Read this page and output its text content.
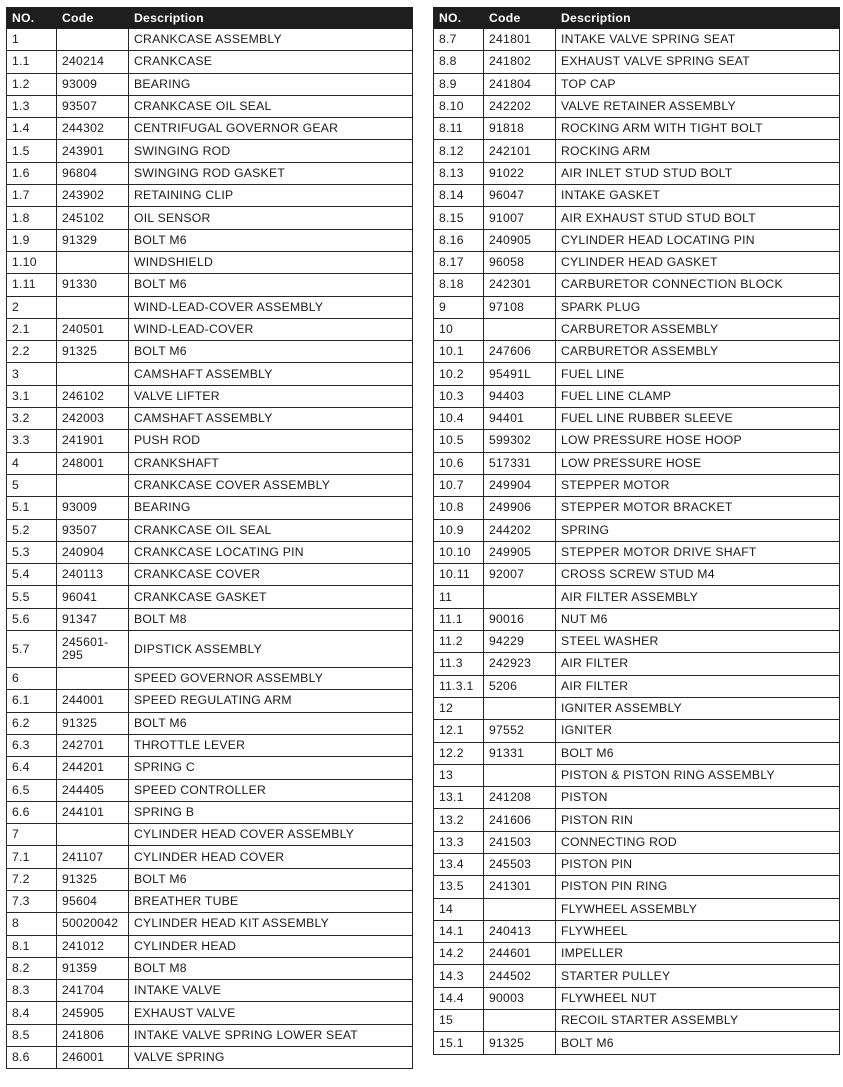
NO.	Code	Description
1		CRANKCASE ASSEMBLY
1.1	240214	CRANKCASE
1.2	93009	BEARING
1.3	93507	CRANKCASE OIL SEAL
1.4	244302	CENTRIFUGAL GOVERNOR GEAR
1.5	243901	SWINGING ROD
1.6	96804	SWINGING ROD GASKET
1.7	243902	RETAINING CLIP
1.8	245102	OIL SENSOR
1.9	91329	BOLT M6
1.10		WINDSHIELD
1.11	91330	BOLT M6
2		WIND-LEAD-COVER ASSEMBLY
2.1	240501	WIND-LEAD-COVER
2.2	91325	BOLT M6
3		CAMSHAFT ASSEMBLY
3.1	246102	VALVE LIFTER
3.2	242003	CAMSHAFT ASSEMBLY
3.3	241901	PUSH ROD
4	248001	CRANKSHAFT
5		CRANKCASE COVER ASSEMBLY
5.1	93009	BEARING
5.2	93507	CRANKCASE OIL SEAL
5.3	240904	CRANKCASE LOCATING PIN
5.4	240113	CRANKCASE COVER
5.5	96041	CRANKCASE GASKET
5.6	91347	BOLT M8
5.7	245601-295	DIPSTICK ASSEMBLY
6		SPEED GOVERNOR ASSEMBLY
6.1	244001	SPEED REGULATING ARM
6.2	91325	BOLT M6
6.3	242701	THROTTLE LEVER
6.4	244201	SPRING C
6.5	244405	SPEED CONTROLLER
6.6	244101	SPRING B
7		CYLINDER HEAD COVER ASSEMBLY
7.1	241107	CYLINDER HEAD COVER
7.2	91325	BOLT M6
7.3	95604	BREATHER TUBE
8	50020042	CYLINDER HEAD KIT ASSEMBLY
8.1	241012	CYLINDER HEAD
8.2	91359	BOLT M8
8.3	241704	INTAKE VALVE
8.4	245905	EXHAUST VALVE
8.5	241806	INTAKE VALVE SPRING LOWER SEAT
8.6	246001	VALVE SPRING
NO.	Code	Description
8.7	241801	INTAKE VALVE SPRING SEAT
8.8	241802	EXHAUST VALVE SPRING SEAT
8.9	241804	TOP CAP
8.10	242202	VALVE RETAINER ASSEMBLY
8.11	91818	ROCKING ARM WITH TIGHT BOLT
8.12	242101	ROCKING ARM
8.13	91022	AIR INLET STUD STUD BOLT
8.14	96047	INTAKE GASKET
8.15	91007	AIR EXHAUST STUD STUD BOLT
8.16	240905	CYLINDER HEAD LOCATING PIN
8.17	96058	CYLINDER HEAD GASKET
8.18	242301	CARBURETOR CONNECTION BLOCK
9	97108	SPARK PLUG
10		CARBURETOR ASSEMBLY
10.1	247606	CARBURETOR ASSEMBLY
10.2	95491L	FUEL LINE
10.3	94403	FUEL LINE CLAMP
10.4	94401	FUEL LINE RUBBER SLEEVE
10.5	599302	LOW PRESSURE HOSE HOOP
10.6	517331	LOW PRESSURE HOSE
10.7	249904	STEPPER MOTOR
10.8	249906	STEPPER MOTOR BRACKET
10.9	244202	SPRING
10.10	249905	STEPPER MOTOR DRIVE SHAFT
10.11	92007	CROSS SCREW STUD M4
11		AIR FILTER ASSEMBLY
11.1	90016	NUT M6
11.2	94229	STEEL WASHER
11.3	242923	AIR FILTER
11.3.1	5206	AIR FILTER
12		IGNITER ASSEMBLY
12.1	97552	IGNITER
12.2	91331	BOLT M6
13		PISTON & PISTON RING ASSEMBLY
13.1	241208	PISTON
13.2	241606	PISTON RIN
13.3	241503	CONNECTING ROD
13.4	245503	PISTON PIN
13.5	241301	PISTON PIN RING
14		FLYWHEEL ASSEMBLY
14.1	240413	FLYWHEEL
14.2	244601	IMPELLER
14.3	244502	STARTER PULLEY
14.4	90003	FLYWHEEL NUT
15		RECOIL STARTER ASSEMBLY
15.1	91325	BOLT M6
